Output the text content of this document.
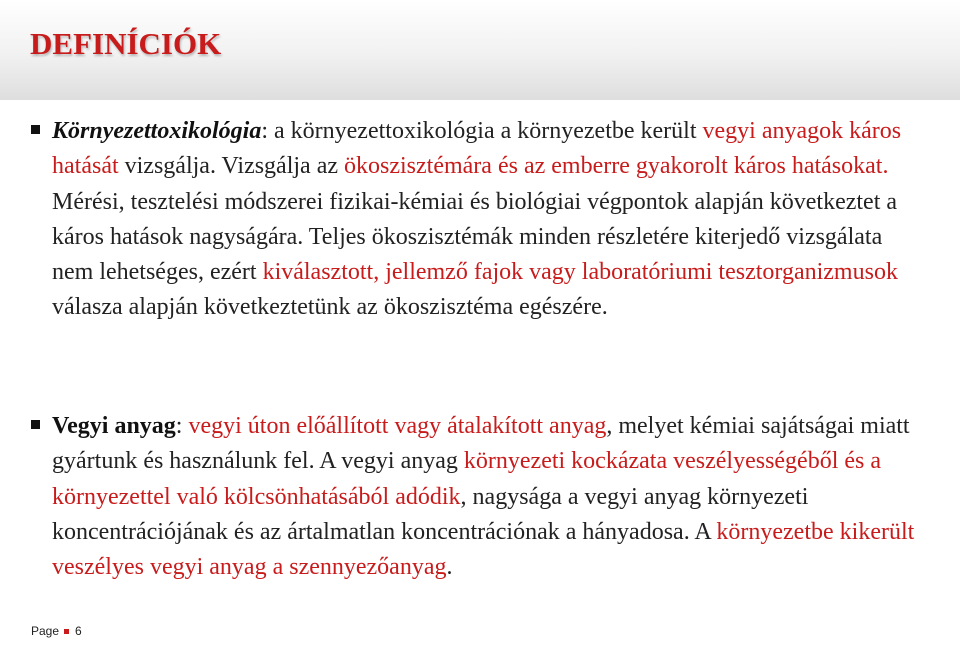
DEFINÍCIÓK
Környezettoxikológia: a környezettoxikológia a környezetbe került vegyi anyagok káros hatását vizsgálja. Vizsgálja az ökoszisztémára és az emberre gyakorolt káros hatásokat. Mérési, tesztelési módszerei fizikai-kémiai és biológiai végpontok alapján következtet a káros hatások nagyságára. Teljes ökoszisztémák minden részletére kiterjedő vizsgálata nem lehetséges, ezért kiválasztott, jellemző fajok vagy laboratóriumi tesztorganizmusok válasza alapján következtetünk az ökoszisztéma egészére.
Vegyi anyag: vegyi úton előállított vagy átalakított anyag, melyet kémiai sajátságai miatt gyártunk és használunk fel. A vegyi anyag környezeti kockázata veszélyességéből és a környezettel való kölcsönhatásából adódik, nagysága a vegyi anyag környezeti koncentrációjának és az ártalmatlan koncentrációnak a hányadosa. A környezetbe kikerült veszélyes vegyi anyag a szennyezőanyag.
Page 6
